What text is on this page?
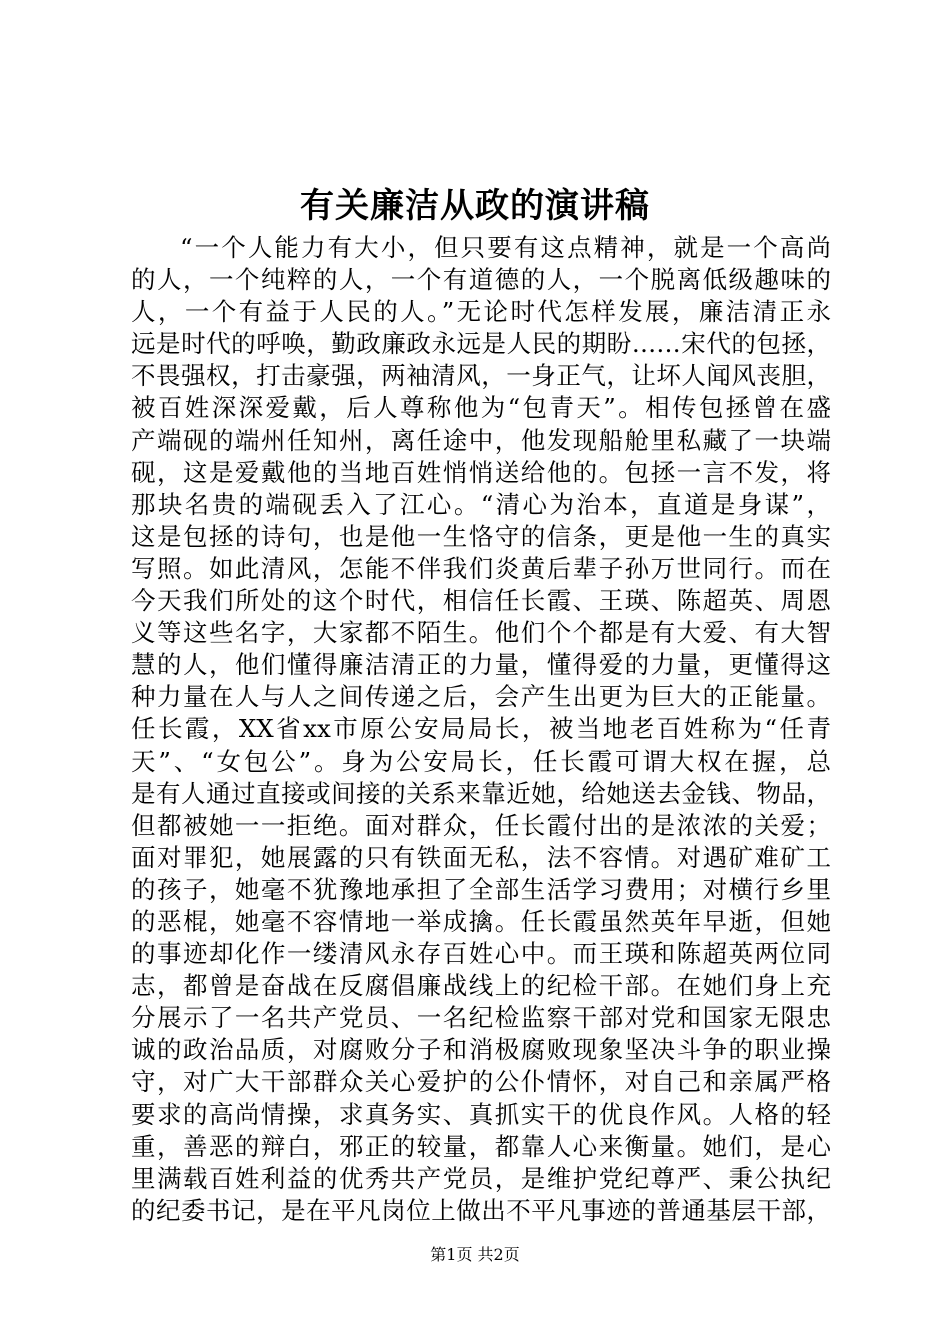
有关廉洁从政的演讲稿
“一个人能力有大小，但只要有这点精神，就是一个高尚
的人，一个纯粹的人，一个有道德的人，一个脱离低级趣味的
人，一个有益于人民的人。”无论时代怎样发展，廉洁清正永
远是时代的呼唤，勤政廉政永远是人民的期盼……宋代的包拯，
不畏强权，打击豪强，两袖清风，一身正气，让坏人闻风丧胆，
被百姓深深爱戴，后人尊称他为“包青天”。相传包拯曾在盛
产端砚的端州任知州，离任途中，他发现船舱里私藏了一块端
砚，这是爱戴他的当地百姓悄悄送给他的。包拯一言不发，将
那块名贵的端砚丢入了江心。“清心为治本，直道是身谋”，
这是包拯的诗句，也是他一生恪守的信条，更是他一生的真实
写照。如此清风，怎能不伴我们炎黄后辈子孙万世同行。而在
今天我们所处的这个时代，相信任长霞、王瑛、陈超英、周恩
义等这些名字，大家都不陌生。他们个个都是有大爱、有大智
慧的人，他们懂得廉洁清正的力量，懂得爱的力量，更懂得这
种力量在人与人之间传递之后，会产生出更为巨大的正能量。
任长霞，XX省xx市原公安局局长，被当地老百姓称为“任青
天”、“女包公”。身为公安局长，任长霞可谓大权在握，总
是有人通过直接或间接的关系来靠近她，给她送去金钱、物品，
但都被她一一拒绝。面对群众，任长霞付出的是浓浓的关爱；
面对罪犯，她展露的只有铁面无私，法不容情。对遇矿难矿工
的孩子，她毫不犹豫地承担了全部生活学习费用；对横行乡里
的恶棍，她毫不容情地一举成擒。任长霞虽然英年早逝，但她
的事迹却化作一缕清风永存百姓心中。而王瑛和陈超英两位同
志，都曾是奋战在反腐倡廉战线上的纪检干部。在她们身上充
分展示了一名共产党员、一名纪检监察干部对党和国家无限忠
诚的政治品质，对腐败分子和消极腐败现象坚决斗争的职业操
守，对广大干部群众关心爱护的公仆情怀，对自己和亲属严格
要求的高尚情操，求真务实、真抓实干的优良作风。人格的轻
重，善恶的辩白，邪正的较量，都靠人心来衡量。她们，是心
里满载百姓利益的优秀共产党员，是维护党纪尊严、秉公执纪
的纪委书记，是在平凡岗位上做出不平凡事迹的普通基层干部，
第1页 共2页
